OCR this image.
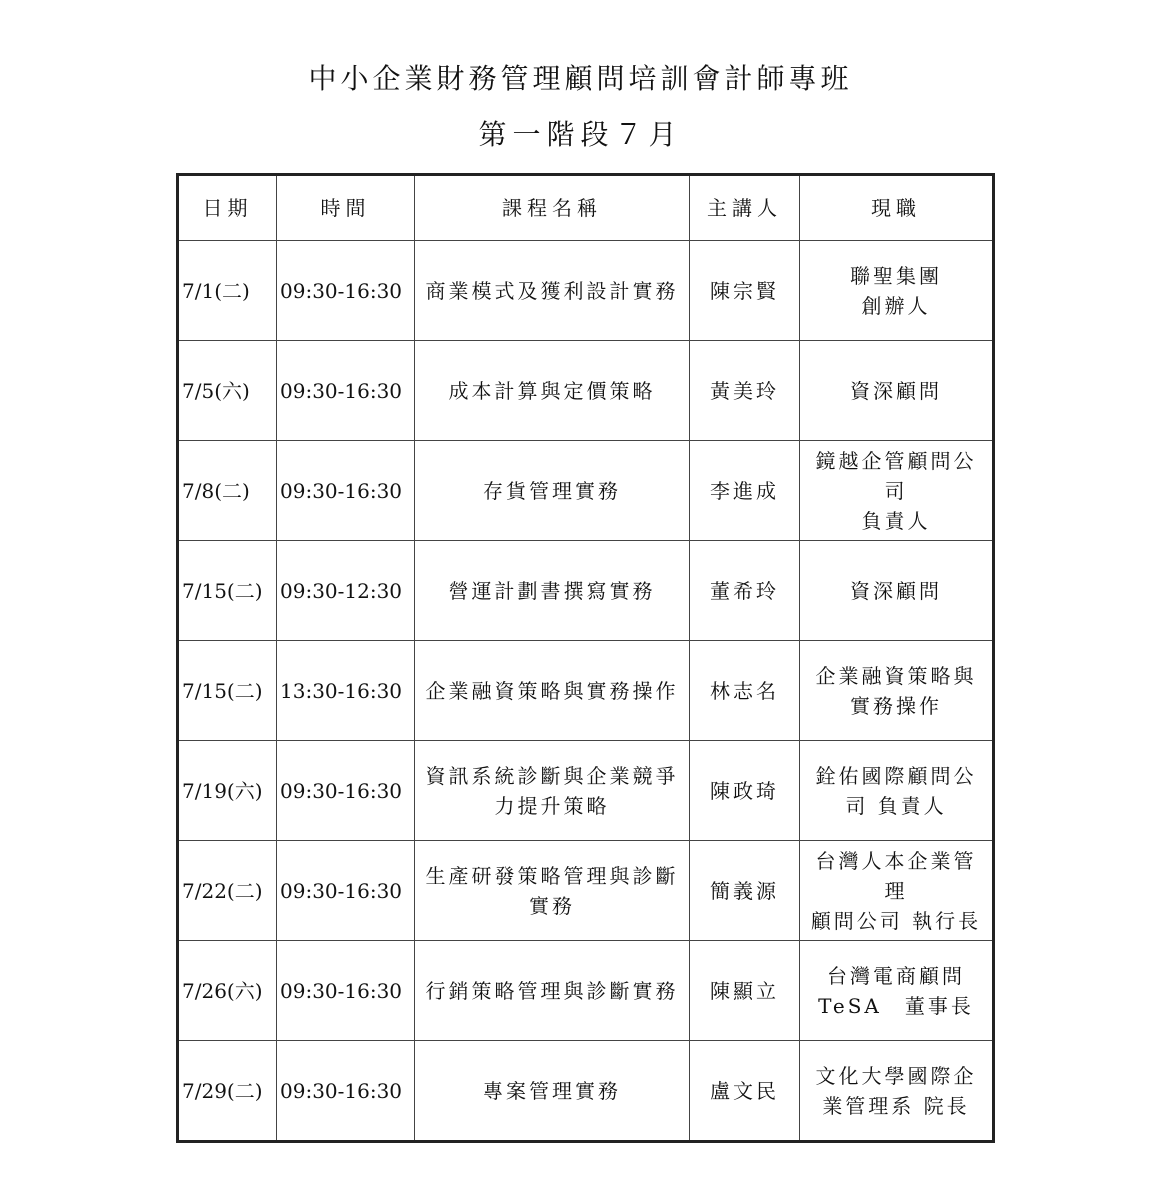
中小企業財務管理顧問培訓會計師專班
第一階段７月
日期	時間	課程名稱	主講人	現職
7/1(二)	09:30-16:30	商業模式及獲利設計實務	陳宗賢	聯聖集團
創辦人

7/5(六)	09:30-16:30	成本計算與定價策略	黃美玲	資深顧問

7/8(二)	09:30-16:30	存貨管理實務	李進成	鏡越企管顧問公
司
負責人

7/15(二)	09:30-12:30	營運計劃書撰寫實務	董希玲	資深顧問

7/15(二)	13:30-16:30	企業融資策略與實務操作	林志名	企業融資策略與
實務操作

7/19(六)	09:30-16:30	資訊系統診斷與企業競爭
力提升策略	陳政琦	銓佑國際顧問公
司 負責人

7/22(二)	09:30-16:30	生產研發策略管理與診斷
實務	簡義源	台灣人本企業管
理
顧問公司 執行長

7/26(六)	09:30-16:30	行銷策略管理與診斷實務	陳顯立	台灣電商顧問
TeSA　董事長

7/29(二)	09:30-16:30	專案管理實務	盧文民	文化大學國際企
業管理系 院長
